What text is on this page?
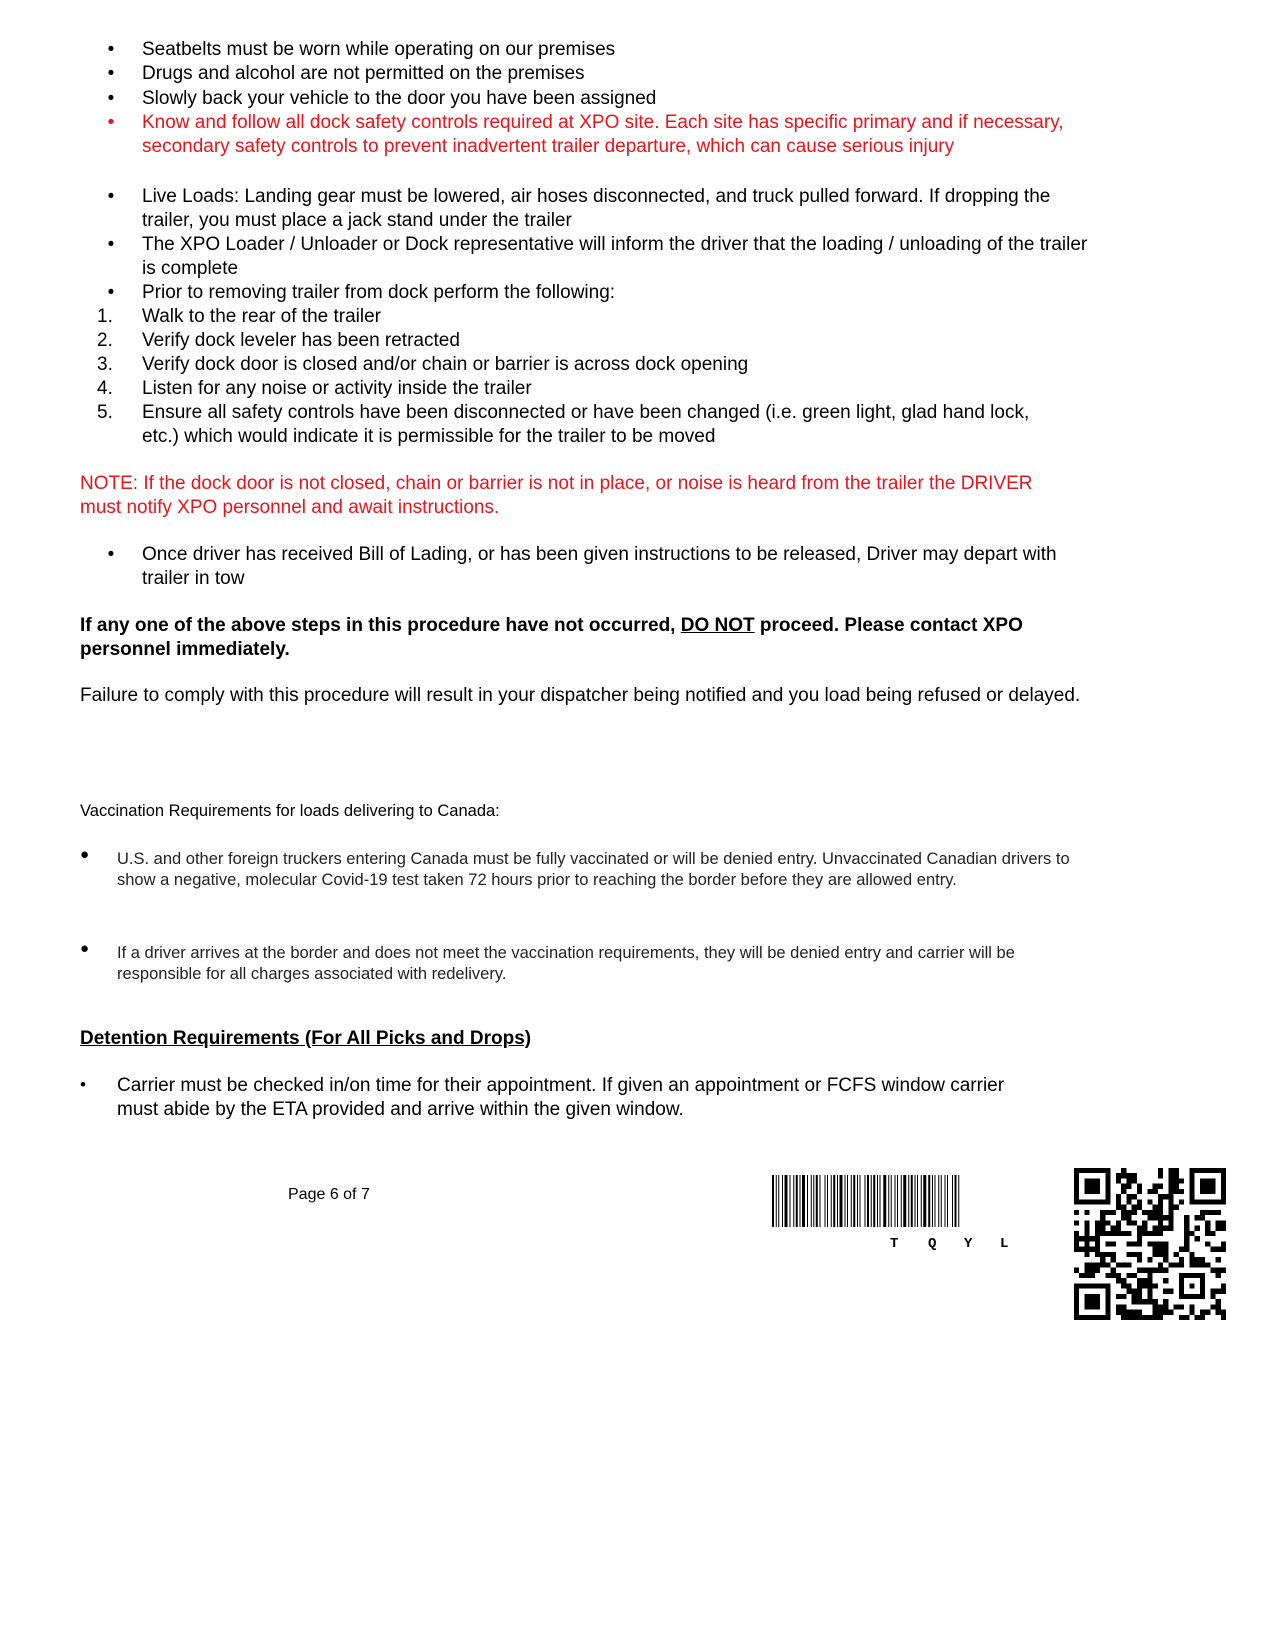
•	Seatbelts must be worn while operating on our premises
•	Drugs and alcohol are not permitted on the premises
•	Slowly back your vehicle to the door you have been assigned
•	Know and follow all dock safety controls required at XPO site. Each site has specific primary and if necessary, secondary safety controls to prevent inadvertent trailer departure, which can cause serious injury
•	Live Loads: Landing gear must be lowered, air hoses disconnected, and truck pulled forward. If dropping the trailer, you must place a jack stand under the trailer
•	The XPO Loader / Unloader or Dock representative will inform the driver that the loading / unloading of the trailer is complete
•	Prior to removing trailer from dock perform the following:
1.	Walk to the rear of the trailer
2.	Verify dock leveler has been retracted
3.	Verify dock door is closed and/or chain or barrier is across dock opening
4.	Listen for any noise or activity inside the trailer
5.	Ensure all safety controls have been disconnected or have been changed (i.e. green light, glad hand lock, etc.) which would indicate it is permissible for the trailer to be moved
NOTE: If the dock door is not closed, chain or barrier is not in place, or noise is heard from the trailer the DRIVER must notify XPO personnel and await instructions.
•	Once driver has received Bill of Lading, or has been given instructions to be released, Driver may depart with trailer in tow
If any one of the above steps in this procedure have not occurred, DO NOT proceed. Please contact XPO personnel immediately.
Failure to comply with this procedure will result in your dispatcher being notified and you load being refused or delayed.
Vaccination Requirements for loads delivering to Canada:
● U.S. and other foreign truckers entering Canada must be fully vaccinated or will be denied entry. Unvaccinated Canadian drivers to show a negative, molecular Covid-19 test taken 72 hours prior to reaching the border before they are allowed entry.
● If a driver arrives at the border and does not meet the vaccination requirements, they will be denied entry and carrier will be responsible for all charges associated with redelivery.
Detention Requirements (For All Picks and Drops)
• Carrier must be checked in/on time for their appointment. If given an appointment or FCFS window carrier must abide by the ETA provided and arrive within the given window.
Page 6 of 7
T Q Y L
